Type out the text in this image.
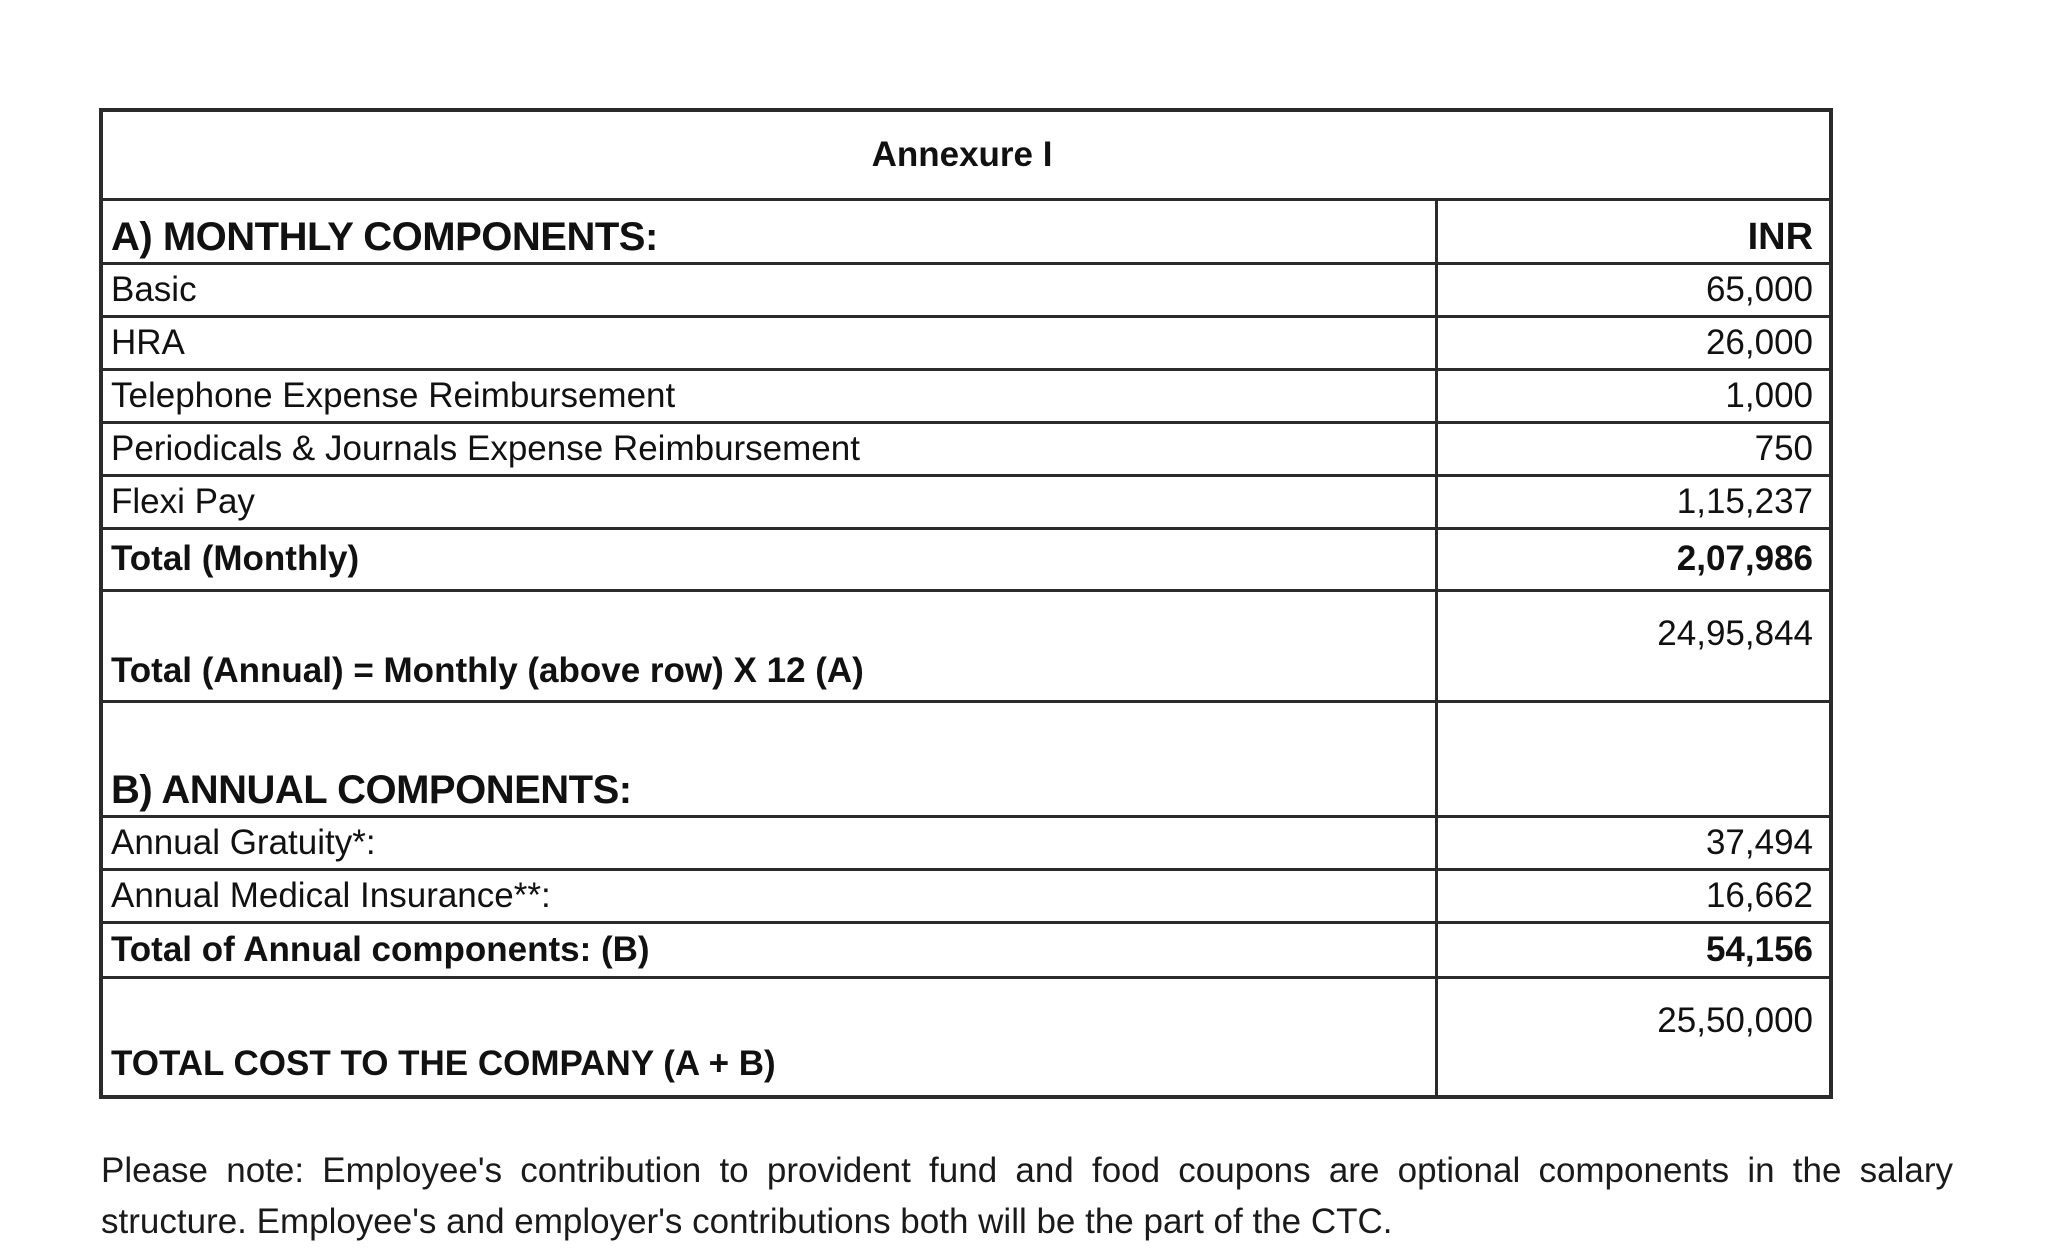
Annexure I	
A) MONTHLY COMPONENTS:	INR
Basic	65,000
HRA	26,000
Telephone Expense Reimbursement	1,000
Periodicals & Journals Expense Reimbursement	750
Flexi Pay	1,15,237
Total (Monthly)	2,07,986
Total (Annual) = Monthly (above row) X 12 (A)	24,95,844
B) ANNUAL COMPONENTS:	
Annual Gratuity*:	37,494
Annual Medical Insurance**:	16,662
Total of Annual components: (B)	54,156
TOTAL COST TO THE COMPANY (A + B)	25,50,000

Please note: Employee's contribution to provident fund and food coupons are optional components in the salary structure. Employee's and employer's contributions both will be the part of the CTC.
